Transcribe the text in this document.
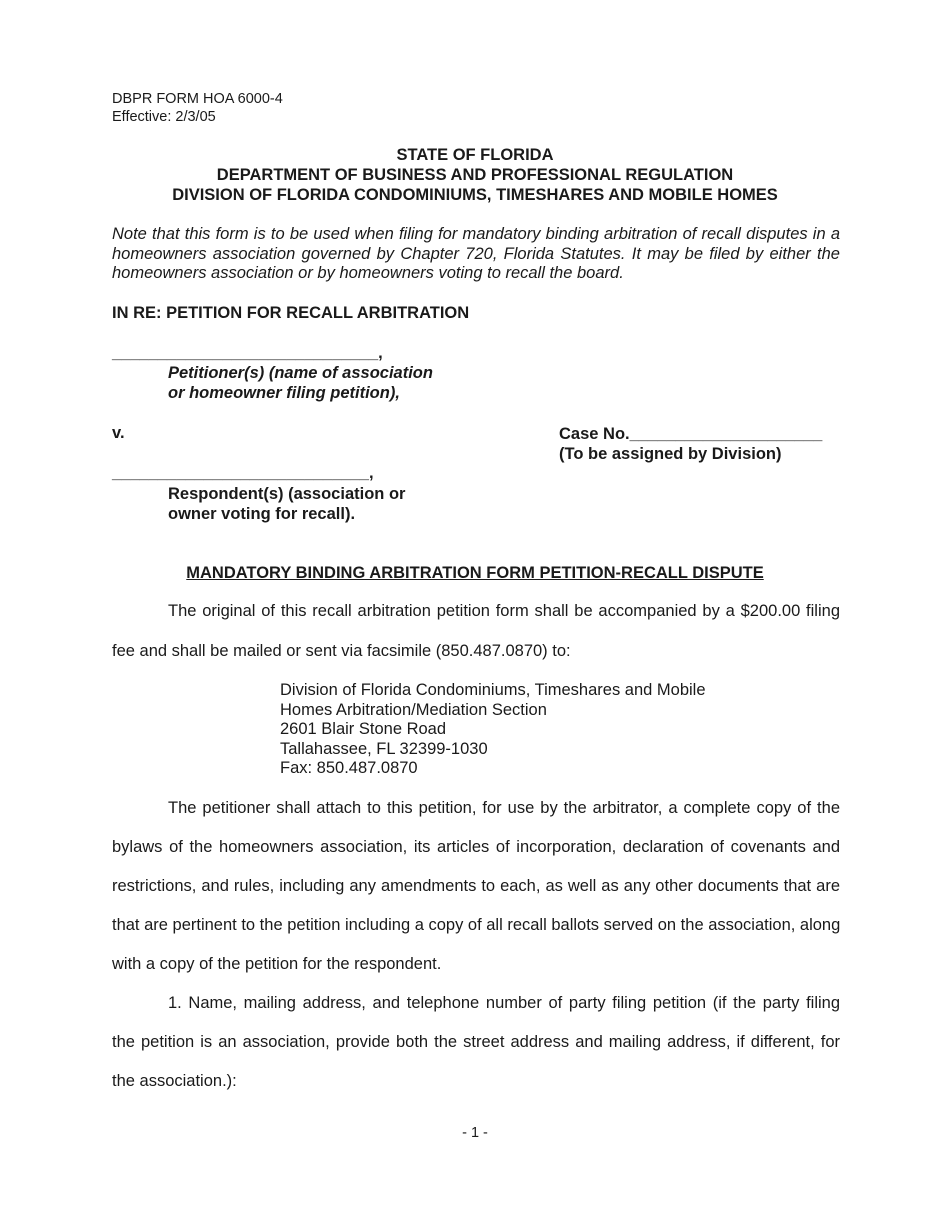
DBPR FORM HOA 6000-4
Effective: 2/3/05
STATE OF FLORIDA
DEPARTMENT OF BUSINESS AND PROFESSIONAL REGULATION
DIVISION OF FLORIDA CONDOMINIUMS, TIMESHARES AND MOBILE HOMES
Note that this form is to be used when filing for mandatory binding arbitration of recall disputes in a
homeowners association governed by Chapter 720, Florida Statutes. It may be filed by either the
homeowners association or by homeowners voting to recall the board.
IN RE: PETITION FOR RECALL ARBITRATION
_____________________________,
Petitioner(s) (name of association
or homeowner filing petition),
v.	Case No._____________________
(To be assigned by Division)
____________________________,
Respondent(s) (association or
owner voting for recall).
MANDATORY BINDING ARBITRATION FORM PETITION-RECALL DISPUTE
The original of this recall arbitration petition form shall be accompanied by a $200.00 filing
fee and shall be mailed or sent via facsimile (850.487.0870) to:
Division of Florida Condominiums, Timeshares and Mobile
Homes Arbitration/Mediation Section
2601 Blair Stone Road
Tallahassee, FL 32399-1030
Fax: 850.487.0870
The petitioner shall attach to this petition, for use by the arbitrator, a complete copy of the
bylaws of the homeowners association, its articles of incorporation, declaration of covenants and
restrictions, and rules, including any amendments to each, as well as any other documents that are
that are pertinent to the petition including a copy of all recall ballots served on the association, along
with a copy of the petition for the respondent.
1. Name, mailing address, and telephone number of party filing petition (if the party filing
the petition is an association, provide both the street address and mailing address, if different, for
the association.):
- 1 -
